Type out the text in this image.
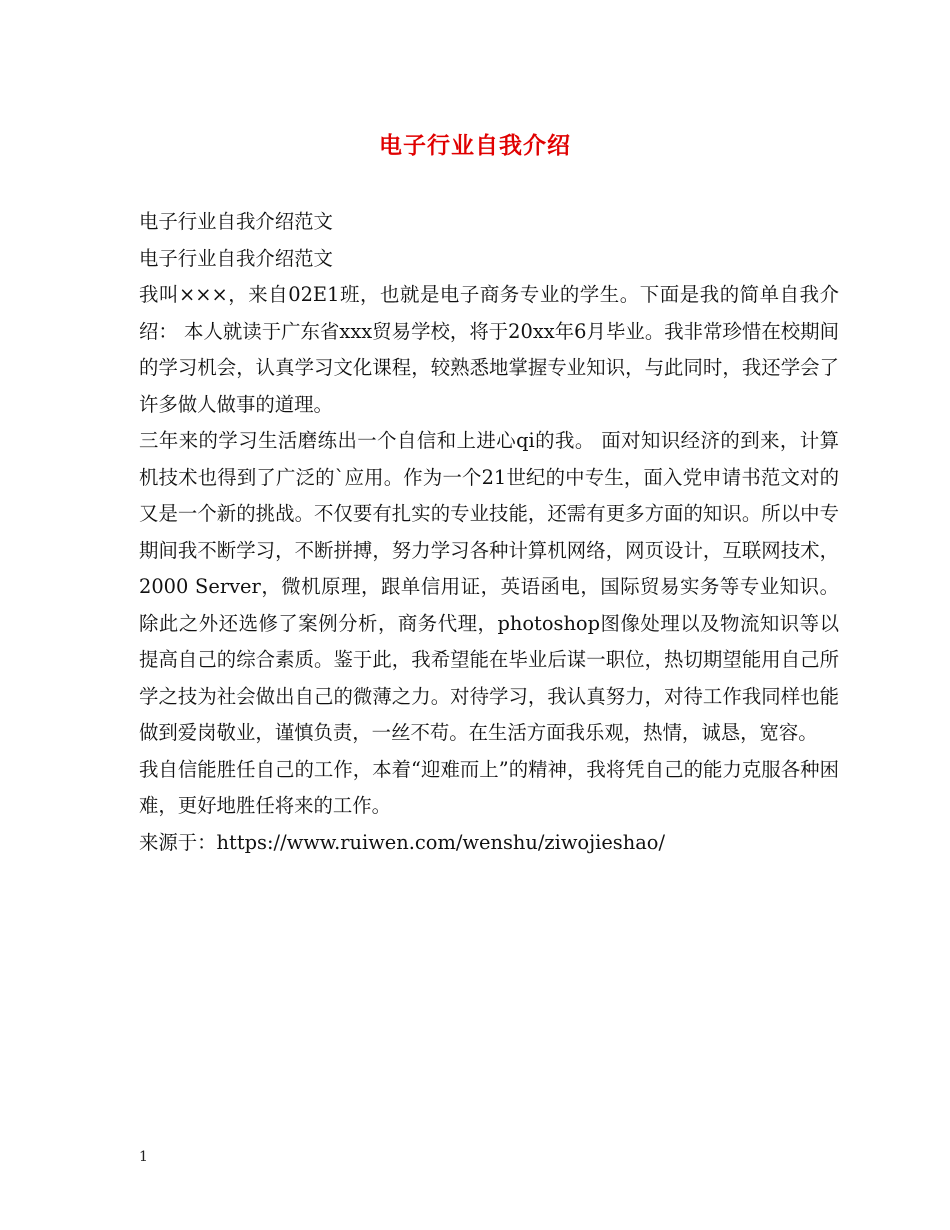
电子行业自我介绍

电子行业自我介绍范文

电子行业自我介绍范文

我叫×××，来自02E1班，也就是电子商务专业的学生。下面是我的简单自我介绍： 本人就读于广东省xxx贸易学校，将于20xx年6月毕业。我非常珍惜在校期间的学习机会，认真学习文化课程，较熟悉地掌握专业知识，与此同时，我还学会了许多做人做事的道理。

三年来的学习生活磨练出一个自信和上进心qi的我。 面对知识经济的到来，计算机技术也得到了广泛的`应用。作为一个21世纪的中专生，面入党申请书范文对的又是一个新的挑战。不仅要有扎实的专业技能，还需有更多方面的知识。所以中专期间我不断学习，不断拼搏，努力学习各种计算机网络，网页设计，互联网技术，2000 Server，微机原理，跟单信用证，英语函电，国际贸易实务等专业知识。除此之外还选修了案例分析，商务代理，photoshop图像处理以及物流知识等以提高自己的综合素质。鉴于此，我希望能在毕业后谋一职位，热切期望能用自己所学之技为社会做出自己的微薄之力。对待学习，我认真努力，对待工作我同样也能做到爱岗敬业，谨慎负责，一丝不苟。在生活方面我乐观，热情，诚恳，宽容。

我自信能胜任自己的工作，本着“迎难而上”的精神，我将凭自己的能力克服各种困难，更好地胜任将来的工作。

来源于：https://www.ruiwen.com/wenshu/ziwojieshao/

1
